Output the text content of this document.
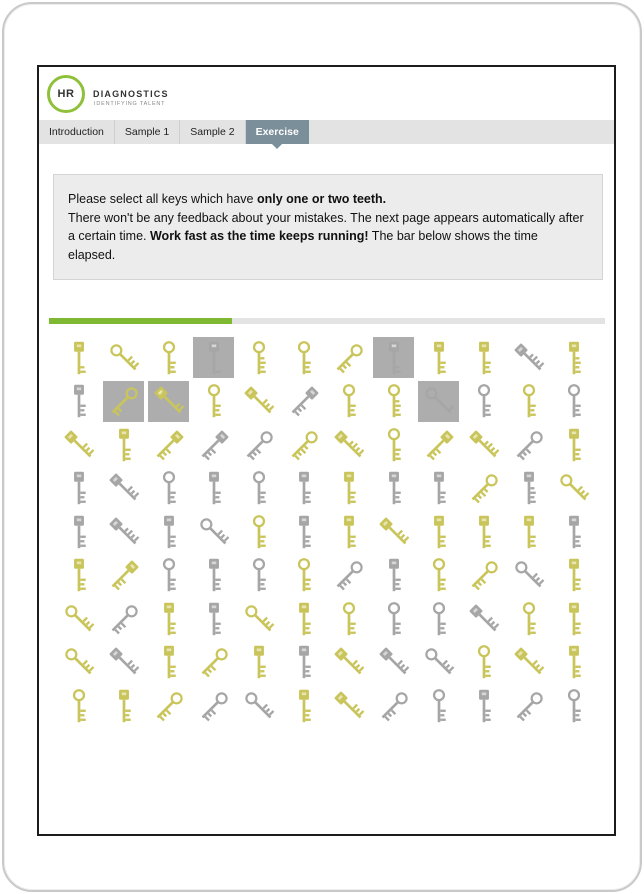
HR DIAGNOSTICS
IDENTIFYING TALENT
Introduction	Sample 1	Sample 2	Exercise
Please select all keys which have only one or two teeth.
There won't be any feedback about your mistakes. The next page appears automatically after a certain time. Work fast as the time keeps running! The bar below shows the time elapsed.
